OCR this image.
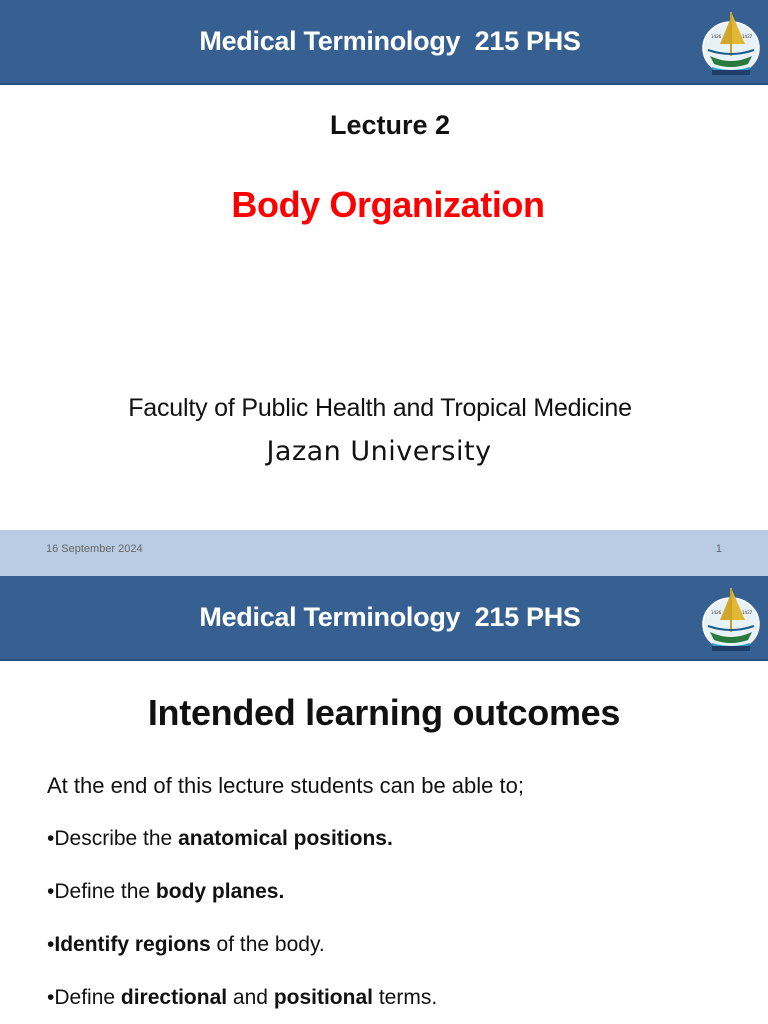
Medical Terminology  215 PHS	1426	1427
Lecture 2
Body Organization
Faculty of Public Health and Tropical Medicine
Jazan University
16 September 2024	1
Medical Terminology  215 PHS	1426	1427
Intended learning outcomes
At the end of this lecture students can be able to;
•Describe the anatomical positions.
•Define the body planes.
•Identify regions of the body.
•Define directional and positional terms.
